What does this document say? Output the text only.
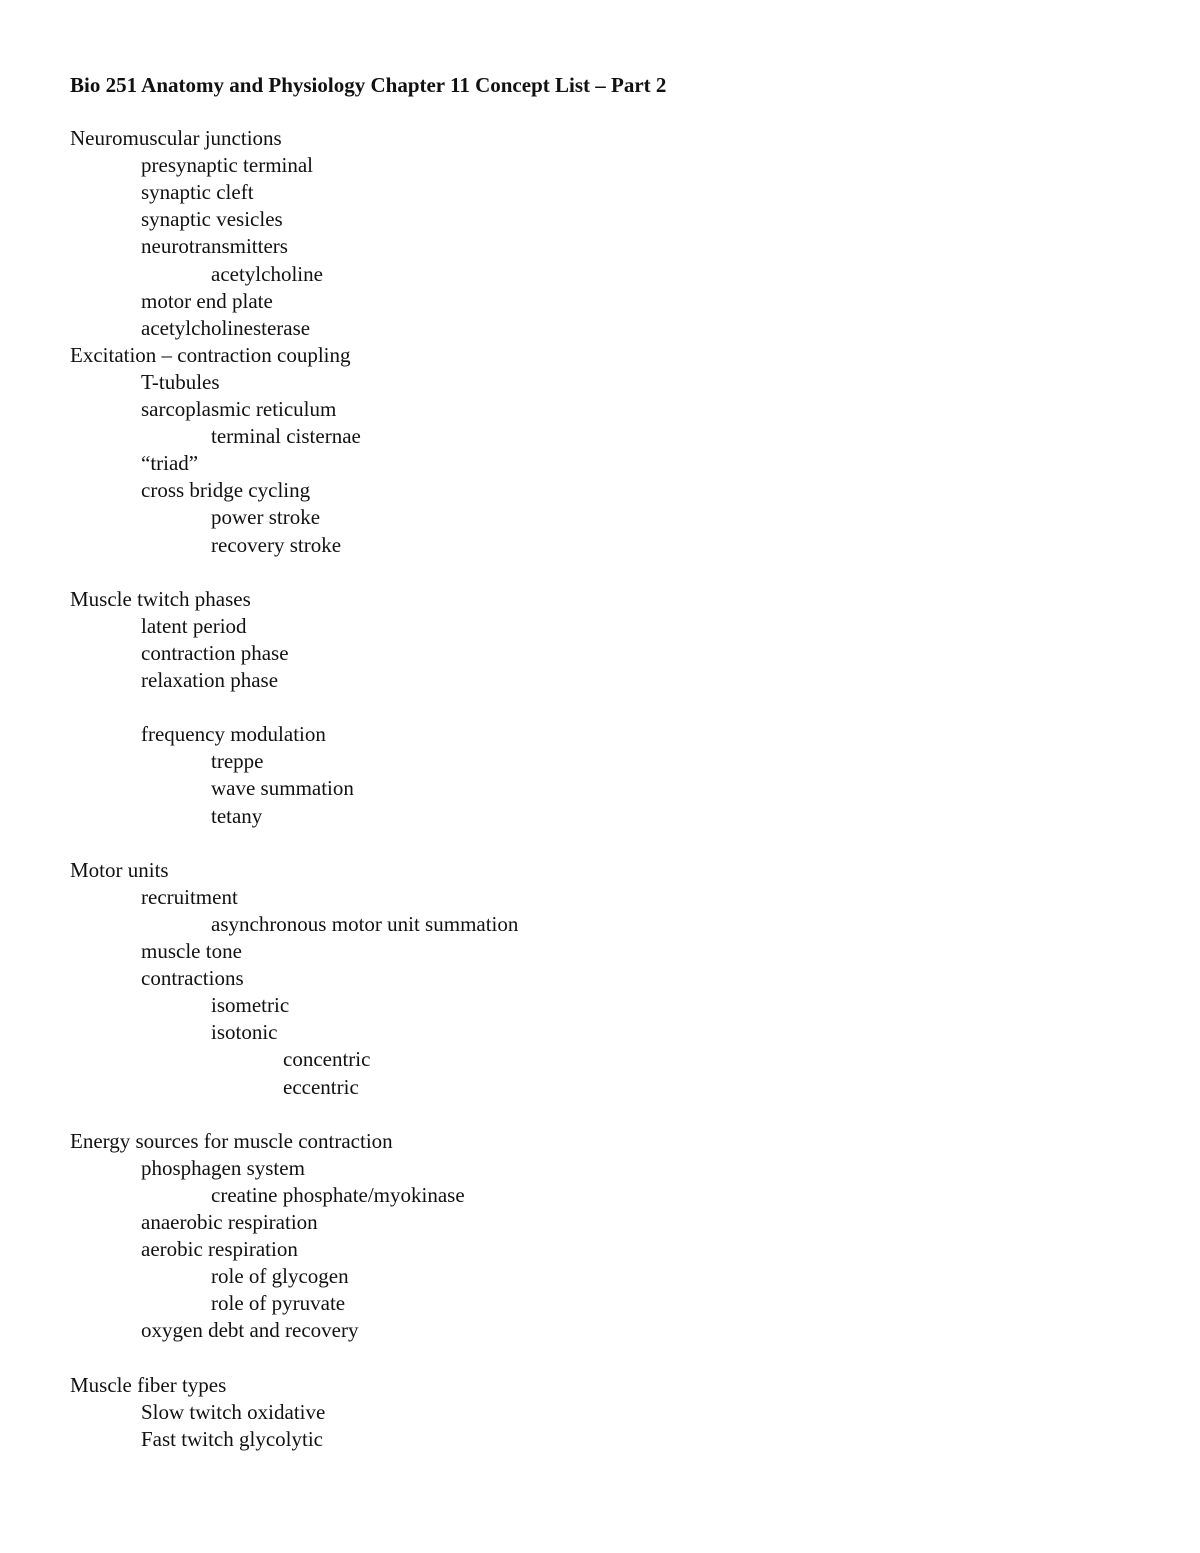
Bio 251 Anatomy and Physiology Chapter 11 Concept List – Part 2
Neuromuscular junctions
presynaptic terminal
synaptic cleft
synaptic vesicles
neurotransmitters
acetylcholine
motor end plate
acetylcholinesterase
Excitation – contraction coupling
T-tubules
sarcoplasmic reticulum
terminal cisternae
“triad”
cross bridge cycling
power stroke
recovery stroke
Muscle twitch phases
latent period
contraction phase
relaxation phase
frequency modulation
treppe
wave summation
tetany
Motor units
recruitment
asynchronous motor unit summation
muscle tone
contractions
isometric
isotonic
concentric
eccentric
Energy sources for muscle contraction
phosphagen system
creatine phosphate/myokinase
anaerobic respiration
aerobic respiration
role of glycogen
role of pyruvate
oxygen debt and recovery
Muscle fiber types
Slow twitch oxidative
Fast twitch glycolytic
